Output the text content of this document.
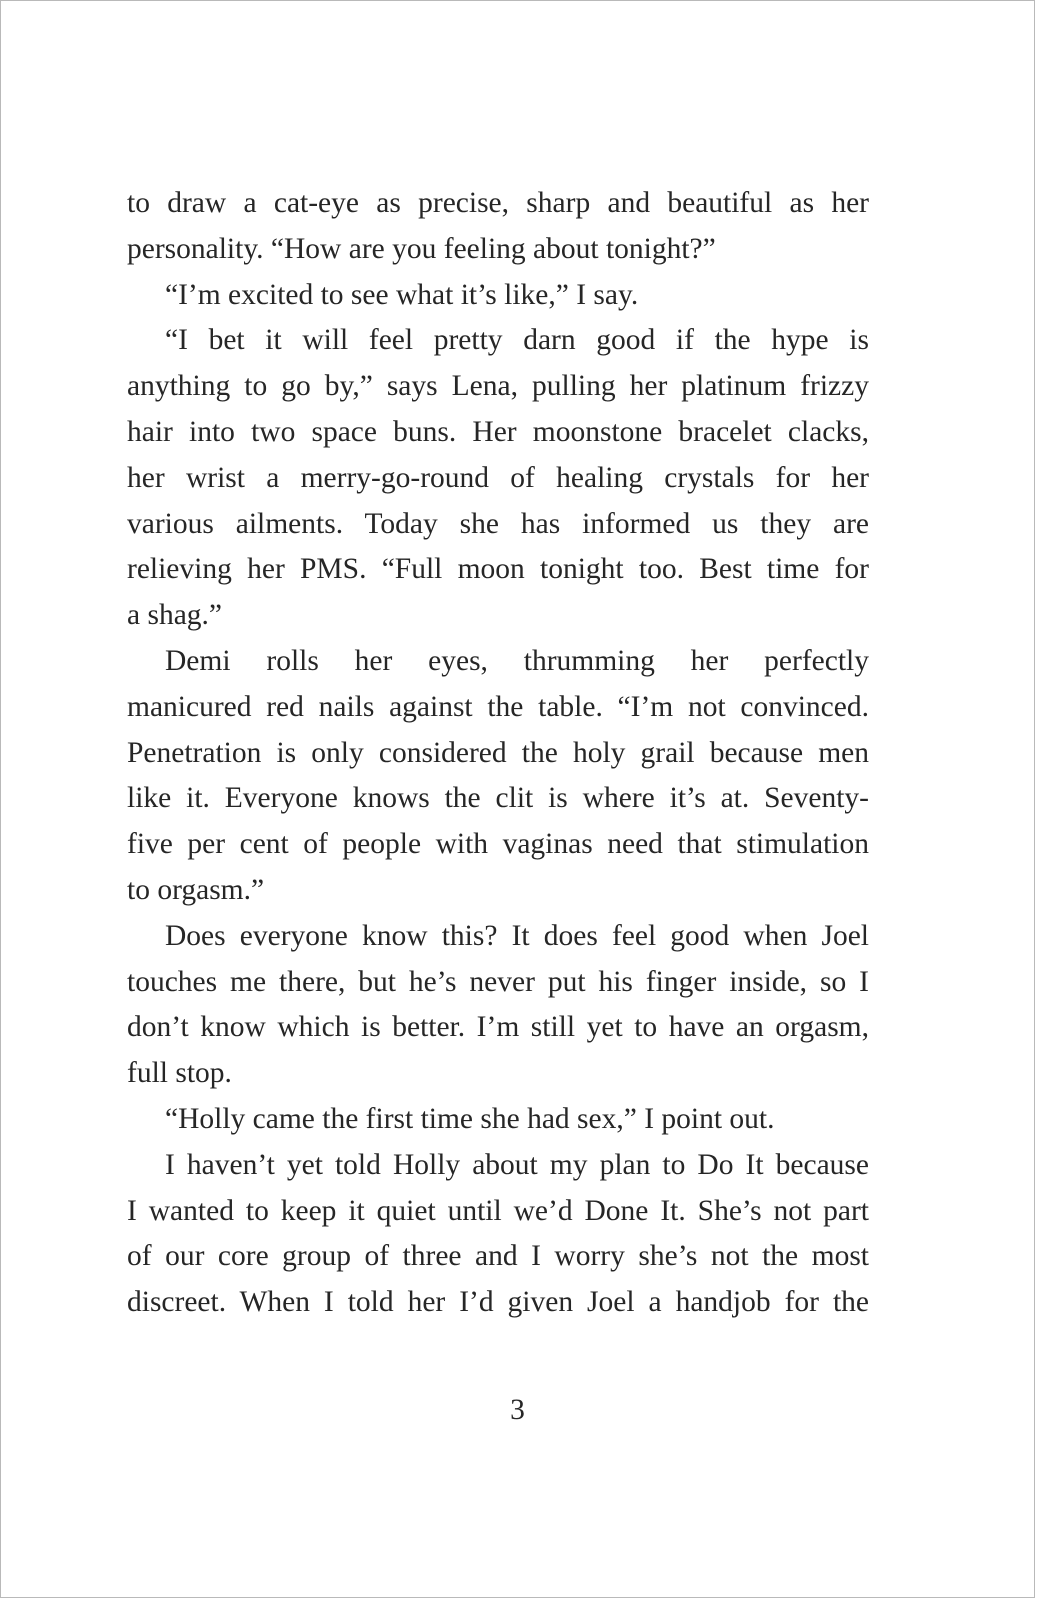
to draw a cat-eye as precise, sharp and beautiful as her
personality. “How are you feeling about tonight?”
“I’m excited to see what it’s like,” I say.
“I bet it will feel pretty darn good if the hype is
anything to go by,” says Lena, pulling her platinum frizzy
hair into two space buns. Her moonstone bracelet clacks,
her wrist a merry-go-round of healing crystals for her
various ailments. Today she has informed us they are
relieving her PMS. “Full moon tonight too. Best time for
a shag.”
Demi rolls her eyes, thrumming her perfectly
manicured red nails against the table. “I’m not convinced.
Penetration is only considered the holy grail because men
like it. Everyone knows the clit is where it’s at. Seventy-
five per cent of people with vaginas need that stimulation
to orgasm.”
Does everyone know this? It does feel good when Joel
touches me there, but he’s never put his finger inside, so I
don’t know which is better. I’m still yet to have an orgasm,
full stop.
“Holly came the first time she had sex,” I point out.
I haven’t yet told Holly about my plan to Do It because
I wanted to keep it quiet until we’d Done It. She’s not part
of our core group of three and I worry she’s not the most
discreet. When I told her I’d given Joel a handjob for the
3
